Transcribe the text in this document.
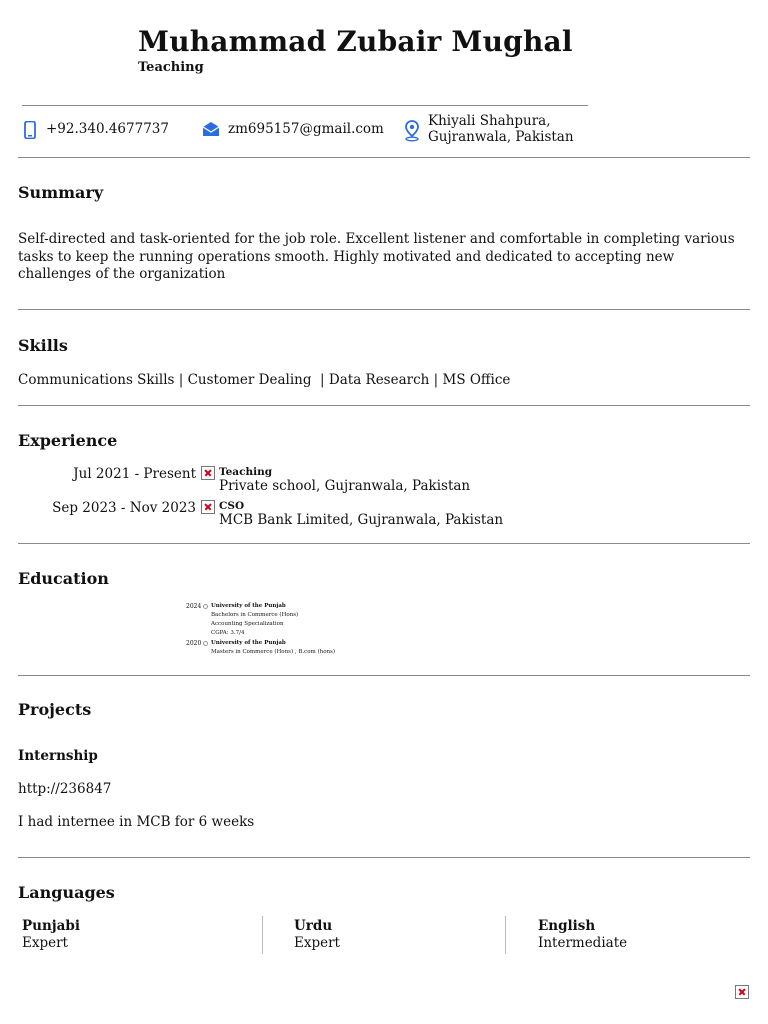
Muhammad Zubair Mughal
Teaching
+92.340.4677737	zm695157@gmail.com	Khiyali Shahpura,
Gujranwala, Pakistan
Summary
Self-directed and task-oriented for the job role. Excellent listener and comfortable in completing various tasks to keep the running operations smooth. Highly motivated and dedicated to accepting new challenges of the organization
Skills
Communications Skills | Customer Dealing  | Data Research | MS Office
Experience
Jul 2021 - Present Teaching
Private school, Gujranwala, Pakistan
Sep 2023 - Nov 2023 CSO
MCB Bank Limited, Gujranwala, Pakistan
Education
2024 University of the Punjab
Bachelors in Commerce (Hons)
Accounting Specialization
CGPA: 3.7/4
2020 University of the Punjab
Masters in Commerce (Hons) , B.com (hons)
Projects
Internship
http://236847
I had internee in MCB for 6 weeks
Languages
Punjabi
Expert
Urdu
Expert
English
Intermediate
